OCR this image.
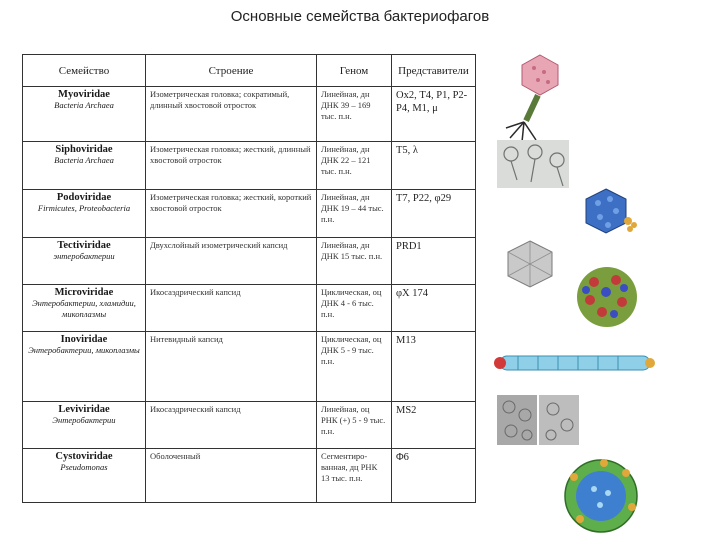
Основные семейства бактериофагов
Семейство	Строение	Геном	Представители

Myoviridae
Bacteria Archaea	Изометрическая головка; сократимый, длинный хвостовой отросток	Линейная, дн ДНК 39 – 169 тыс. п.н.	Ох2, Т4, Р1, Р2-Р4, М1, μ

Siphoviridae
Bacteria Archaea	Изометрическая головка; жесткий, длинный хвостовой отросток	Линейная, дн ДНК 22 – 121 тыс. п.н.	Т5, λ

Podoviridae
Firmicutes, Proteobacteria	Изометрическая головка; жесткий, короткий хвостовой отросток	Линейная, дн ДНК 19 – 44 тыс. п.н.	Т7, Р22, φ29

Tectiviridae
энтеробактерии	Двухслойный изометрический капсид	Линейная, дн ДНК 15 тыс. п.н.	PRD1

Microviridae
Энтеробактерии, хламидии, микоплазмы	Икосаэдрический капсид	Циклическая, оц ДНК 4 - 6 тыс. п.н.	φX 174

Inoviridae
Энтеробактерии, микоплазмы	Нитевидный капсид	Циклическая, оц ДНК 5 - 9 тыс. п.н.	M13

Leviviridae
Энтеробактерии	Икосаэдрический капсид	Линейная, оц РНК (+) 5 - 9 тыс. п.н.	MS2

Cystoviridae
Pseudomonas	Оболоченный	Сегментиро-ванная, дц РНК 13 тыс. п.н.	Φ6
